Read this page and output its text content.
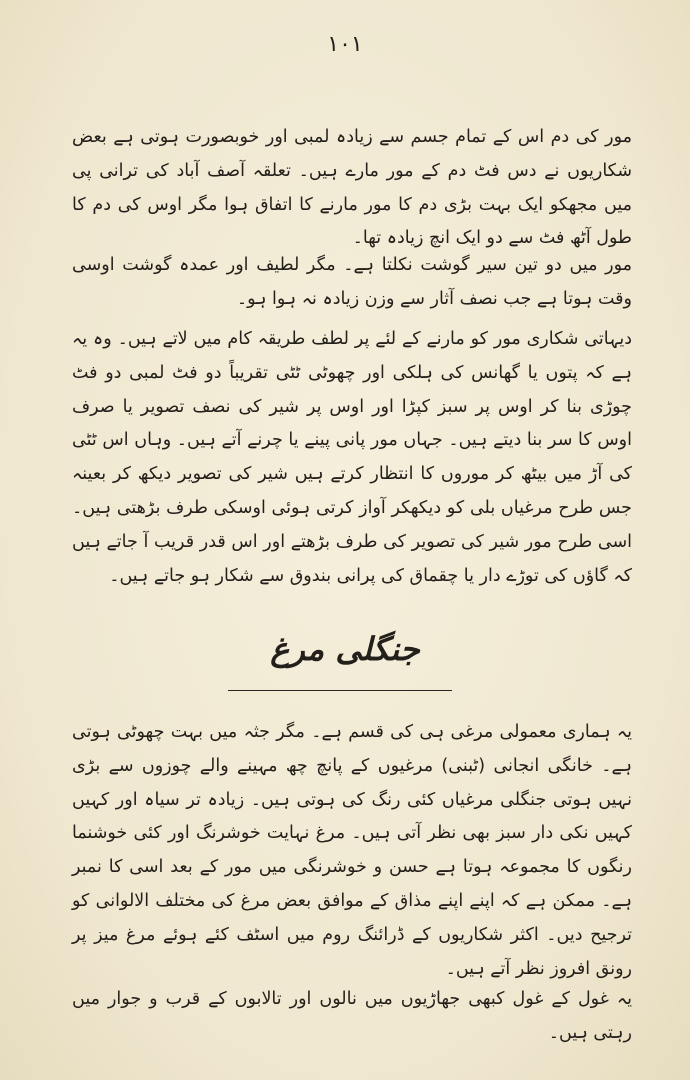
١٠١
مور کی دم اس کے تمام جسم سے زیادہ لمبی اور خوبصورت ہوتی ہے بعض شکاریوں نے دس فٹ دم کے مور مارے ہیں۔ تعلقہ آصف آباد کی ترانی پی میں مجھکو ایک بہت بڑی دم کا مور مارنے کا اتفاق ہوا مگر اوس کی دم کا طول آٹھ فٹ سے دو ایک انچ زیادہ تھا۔
مور میں دو تین سیر گوشت نکلتا ہے۔ مگر لطیف اور عمدہ گوشت اوسی وقت ہوتا ہے جب نصف آثار سے وزن زیادہ نہ ہوا ہو۔
دیہاتی شکاری مور کو مارنے کے لئے پر لطف طریقہ کام میں لاتے ہیں۔ وہ یہ ہے کہ پتوں یا گھانس کی ہلکی اور چھوٹی ٹٹی تقریباً دو فٹ لمبی دو فٹ چوڑی بنا کر اوس پر سبز کپڑا اور اوس پر شیر کی نصف تصویر یا صرف اوس کا سر بنا دیتے ہیں۔ جہاں مور پانی پینے یا چرنے آتے ہیں۔ وہاں اس ٹٹی کی آڑ میں بیٹھ کر موروں کا انتظار کرتے ہیں شیر کی تصویر دیکھ کر بعینہ جس طرح مرغیاں بلی کو دیکھکر آواز کرتی ہوئی اوسکی طرف بڑھتی ہیں۔ اسی طرح مور شیر کی تصویر کی طرف بڑھتے اور اس قدر قریب آ جاتے ہیں کہ گاؤں کی توڑے دار یا چقماق کی پرانی بندوق سے شکار ہو جاتے ہیں۔
جنگلی مرغ
یہ ہماری معمولی مرغی ہی کی قسم ہے۔ مگر جثہ میں بہت چھوٹی ہوتی ہے۔ خانگی انجانی (ٹبنی) مرغیوں کے پانچ چھ مہینے والے چوزوں سے بڑی نہیں ہوتی جنگلی مرغیاں کئی رنگ کی ہوتی ہیں۔ زیادہ تر سیاہ اور کہیں کہیں نکی دار سبز بھی نظر آتی ہیں۔ مرغ نہایت خوشرنگ اور کئی خوشنما رنگوں کا مجموعہ ہوتا ہے حسن و خوشرنگی میں مور کے بعد اسی کا نمبر ہے۔ ممکن ہے کہ اپنے اپنے مذاق کے موافق بعض مرغ کی مختلف الالوانی کو ترجیح دیں۔ اکثر شکاریوں کے ڈرائنگ روم میں اسٹف کئے ہوئے مرغ میز پر رونق افروز نظر آتے ہیں۔
یہ غول کے غول کبھی جھاڑیوں میں نالوں اور تالابوں کے قرب و جوار میں رہتی ہیں۔
